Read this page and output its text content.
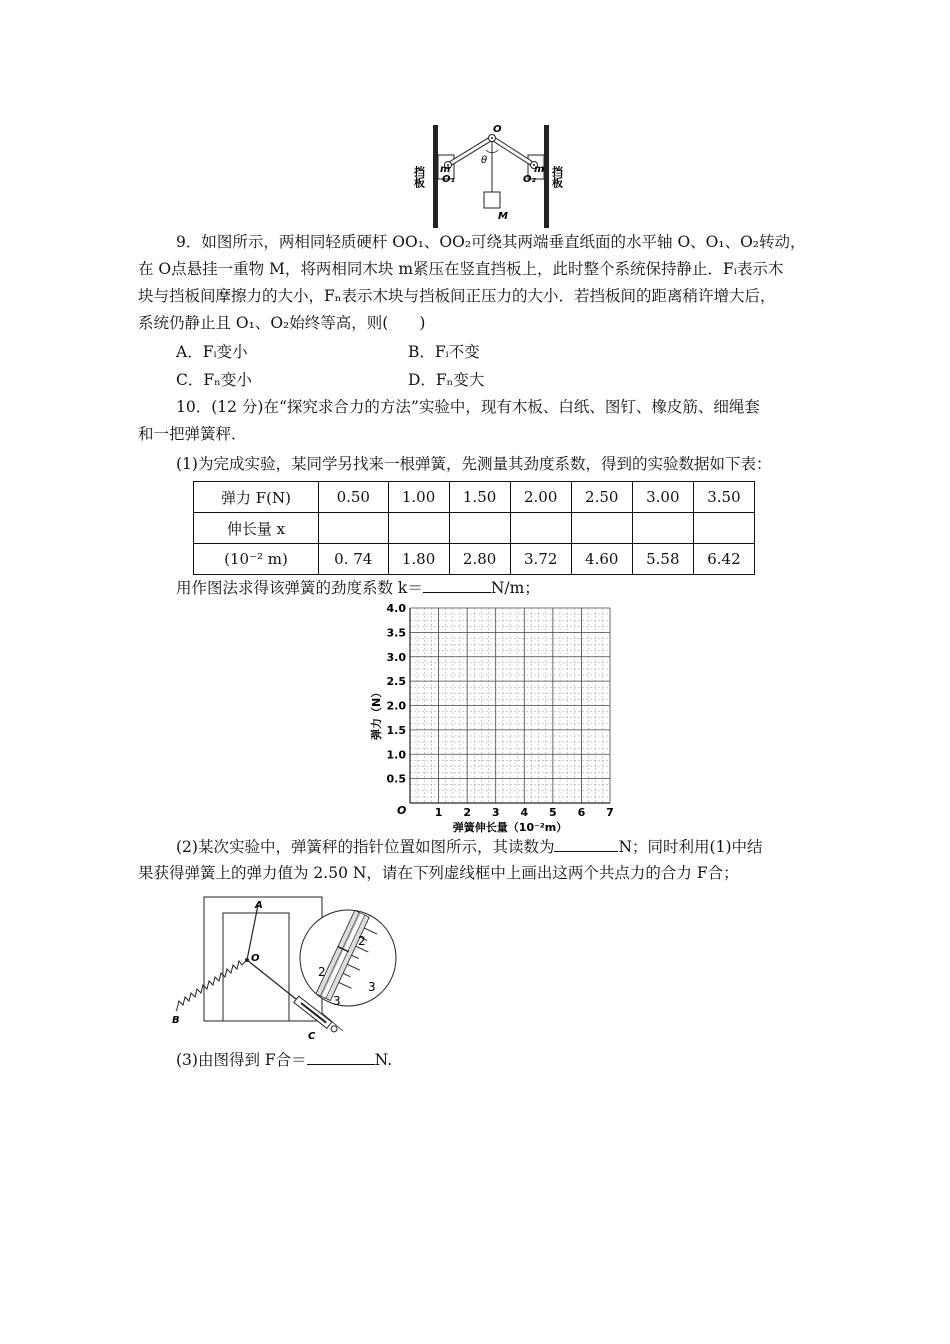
O
θ
O₁	O₂
m	m
M
挡板	挡板
9．如图所示，两相同轻质硬杆 OO₁、OO₂可绕其两端垂直纸面的水平轴 O、O₁、O₂转动，
在 O点悬挂一重物 M，将两相同木块 m紧压在竖直挡板上，此时整个系统保持静止．Fᵢ表示木
块与挡板间摩擦力的大小，Fₙ表示木块与挡板间正压力的大小．若挡板间的距离稍许增大后，
系统仍静止且 O₁、O₂始终等高，则(　　)
A．Fᵢ变小	B．Fᵢ不变
C．Fₙ变小	D．Fₙ变大
10．(12 分)在“探究求合力的方法”实验中，现有木板、白纸、图钉、橡皮筋、细绳套
和一把弹簧秤．
(1)为完成实验，某同学另找来一根弹簧，先测量其劲度系数，得到的实验数据如下表：
弹力 F(N)	0.50	1.00	1.50	2.00	2.50	3.00	3.50
伸长量 x							
(10⁻² m)	0. 74	1.80	2.80	3.72	4.60	5.58	6.42
用作图法求得该弹簧的劲度系数 k＝	N/m；
4.0
3.5
3.0
2.5
2.0
1.5
1.0
0.5
1 2 3 4 5 6 7
O
弹力（N）
弹簧伸长量（10⁻²m）
(2)某次实验中，弹簧秤的指针位置如图所示，其读数为	N；同时利用(1)中结
果获得弹簧上的弹力值为 2.50 N，请在下列虚线框中上画出这两个共点力的合力 F合；
A
O
B
C
2
3
2
3
(3)由图得到 F合＝	N.
